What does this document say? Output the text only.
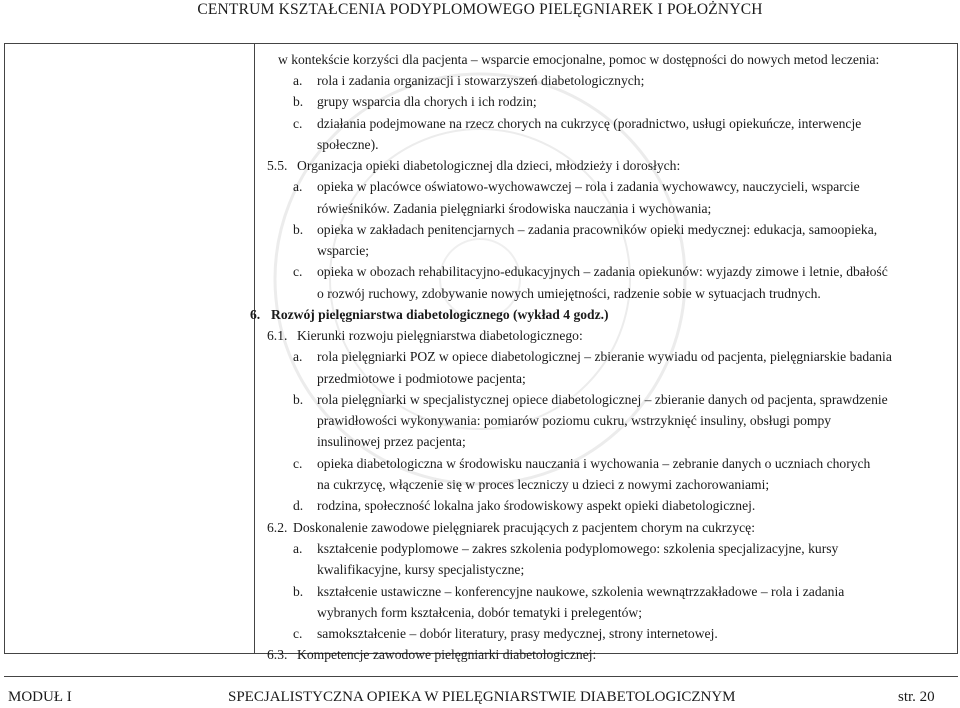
CENTRUM KSZTAŁCENIA PODYPLOMOWEGO PIELĘGNIAREK I POŁOŻNYCH
w kontekście korzyści dla pacjenta – wsparcie emocjonalne, pomoc w dostępności do nowych metod leczenia:
a. rola i zadania organizacji i stowarzyszeń diabetologicznych;
b. grupy wsparcia dla chorych i ich rodzin;
c. działania podejmowane na rzecz chorych na cukrzycę (poradnictwo, usługi opiekuńcze, interwencje
społeczne).
5.5. Organizacja opieki diabetologicznej dla dzieci, młodzieży i dorosłych:
a. opieka w placówce oświatowo-wychowawczej – rola i zadania wychowawcy, nauczycieli, wsparcie
rówieśników. Zadania pielęgniarki środowiska nauczania i wychowania;
b. opieka w zakładach penitencjarnych – zadania pracowników opieki medycznej: edukacja, samoopieka,
wsparcie;
c. opieka w obozach rehabilitacyjno-edukacyjnych – zadania opiekunów: wyjazdy zimowe i letnie, dbałość
o rozwój ruchowy, zdobywanie nowych umiejętności, radzenie sobie w sytuacjach trudnych.
6. Rozwój pielęgniarstwa diabetologicznego (wykład 4 godz.)
6.1. Kierunki rozwoju pielęgniarstwa diabetologicznego:
a. rola pielęgniarki POZ w opiece diabetologicznej – zbieranie wywiadu od pacjenta, pielęgniarskie badania
przedmiotowe i podmiotowe pacjenta;
b. rola pielęgniarki w specjalistycznej opiece diabetologicznej – zbieranie danych od pacjenta, sprawdzenie
prawidłowości wykonywania: pomiarów poziomu cukru, wstrzyknięć insuliny, obsługi pompy
insulinowej przez pacjenta;
c. opieka diabetologiczna w środowisku nauczania i wychowania – zebranie danych o uczniach chorych
na cukrzycę, włączenie się w proces leczniczy u dzieci z nowymi zachorowaniami;
d. rodzina, społeczność lokalna jako środowiskowy aspekt opieki diabetologicznej.
6.2. Doskonalenie zawodowe pielęgniarek pracujących z pacjentem chorym na cukrzycę:
a. kształcenie podyplomowe – zakres szkolenia podyplomowego: szkolenia specjalizacyjne, kursy
kwalifikacyjne, kursy specjalistyczne;
b. kształcenie ustawiczne – konferencyjne naukowe, szkolenia wewnątrzzakładowe – rola i zadania
wybranych form kształcenia, dobór tematyki i prelegentów;
c. samokształcenie – dobór literatury, prasy medycznej, strony internetowej.
6.3. Kompetencje zawodowe pielęgniarki diabetologicznej:
MODUŁ I	SPECJALISTYCZNA OPIEKA W PIELĘGNIARSTWIE DIABETOLOGICZNYM	str. 20
